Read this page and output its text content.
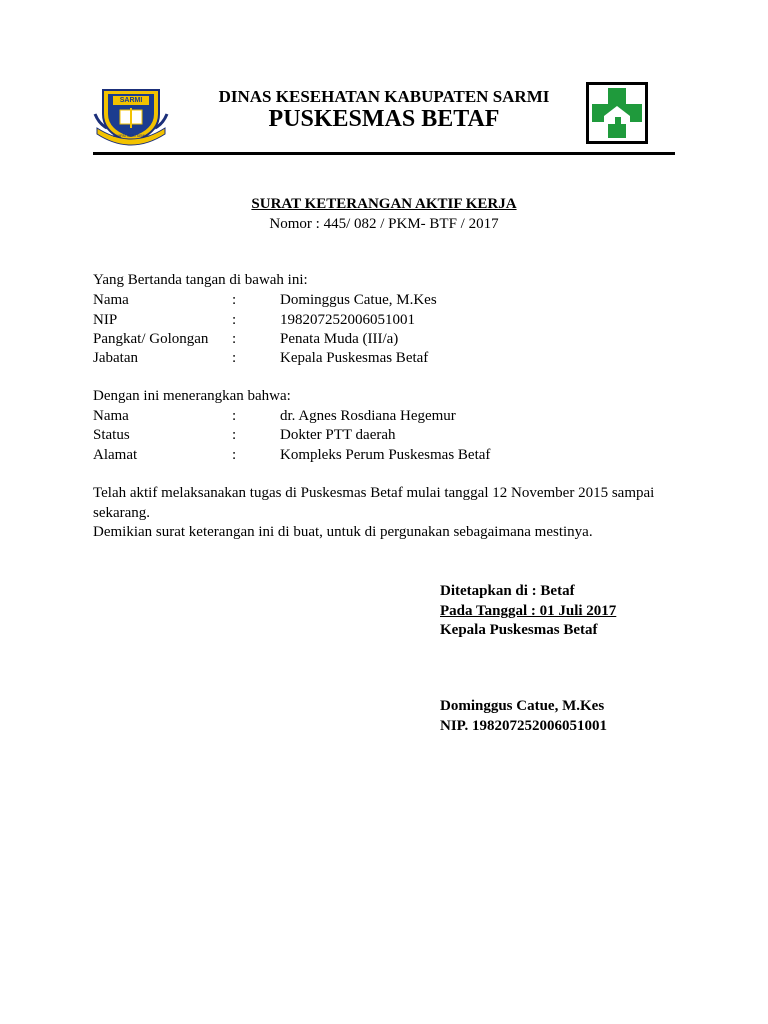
SARMI
SAMPAI SATU SEMUA
DINAS KESEHATAN KABUPATEN SARMI
PUSKESMAS BETAF
SURAT KETERANGAN AKTIF KERJA
Nomor : 445/ 082 / PKM- BTF / 2017
Yang Bertanda tangan di bawah ini:
Nama	:	Dominggus Catue, M.Kes
NIP	:	198207252006051001
Pangkat/ Golongan :	Penata Muda (III/a)
Jabatan	:	Kepala Puskesmas Betaf
Dengan ini menerangkan bahwa:
Nama	:	dr. Agnes Rosdiana Hegemur
Status	:	Dokter PTT daerah
Alamat	:	Kompleks Perum Puskesmas Betaf
Telah aktif melaksanakan tugas di Puskesmas Betaf mulai tanggal 12 November 2015 sampai
sekarang.
Demikian surat keterangan ini di buat, untuk di pergunakan sebagaimana mestinya.
Ditetapkan di : Betaf
Pada Tanggal : 01 Juli 2017
Kepala Puskesmas Betaf
Dominggus Catue, M.Kes
NIP. 198207252006051001
